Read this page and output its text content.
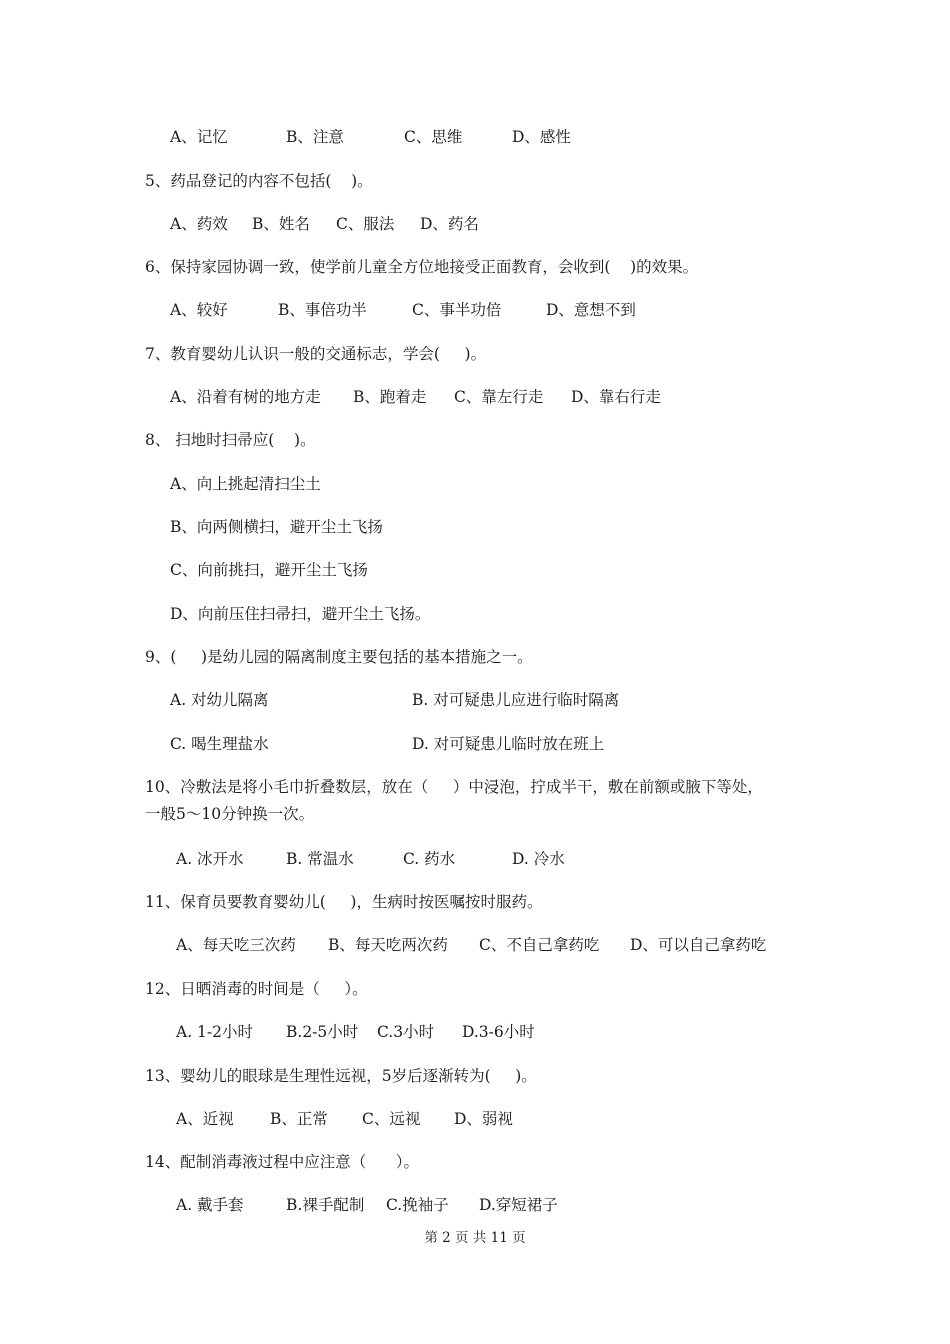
A、记忆	B、注意	C、思维	D、感性
5、药品登记的内容不包括(    )。
A、药效 B、姓名 C、服法 D、药名
6、保持家园协调一致，使学前儿童全方位地接受正面教育，会收到(    )的效果。
A、较好	B、事倍功半	C、事半功倍	D、意想不到
7、教育婴幼儿认识一般的交通标志，学会(     )。
A、沿着有树的地方走 B、跑着走 C、靠左行走 D、靠右行走
8、 扫地时扫帚应(    )。
A、向上挑起清扫尘土
B、向两侧横扫，避开尘土飞扬
C、向前挑扫，避开尘土飞扬
D、向前压住扫帚扫，避开尘土飞扬。
9、(     )是幼儿园的隔离制度主要包括的基本措施之一。
A. 对幼儿隔离	B. 对可疑患儿应进行临时隔离
C. 喝生理盐水	D. 对可疑患儿临时放在班上
10、冷敷法是将小毛巾折叠数层，放在（     ）中浸泡，拧成半干，敷在前额或腋下等处，
一般5～10分钟换一次。
A. 冰开水	B. 常温水	C. 药水	D. 冷水
11、保育员要教育婴幼儿(     )，生病时按医嘱按时服药。
A、每天吃三次药 B、每天吃两次药 C、不自己拿药吃 D、可以自己拿药吃
12、日晒消毒的时间是（     ）。
A. 1-2小时 B.2-5小时 C.3小时 D.3-6小时
13、婴幼儿的眼球是生理性远视，5岁后逐渐转为(     )。
A、近视 B、正常 C、远视 D、弱视
14、配制消毒液过程中应注意（      ）。
A. 戴手套	B.裸手配制 C.挽袖子 D.穿短裙子
第 2 页 共 11 页
